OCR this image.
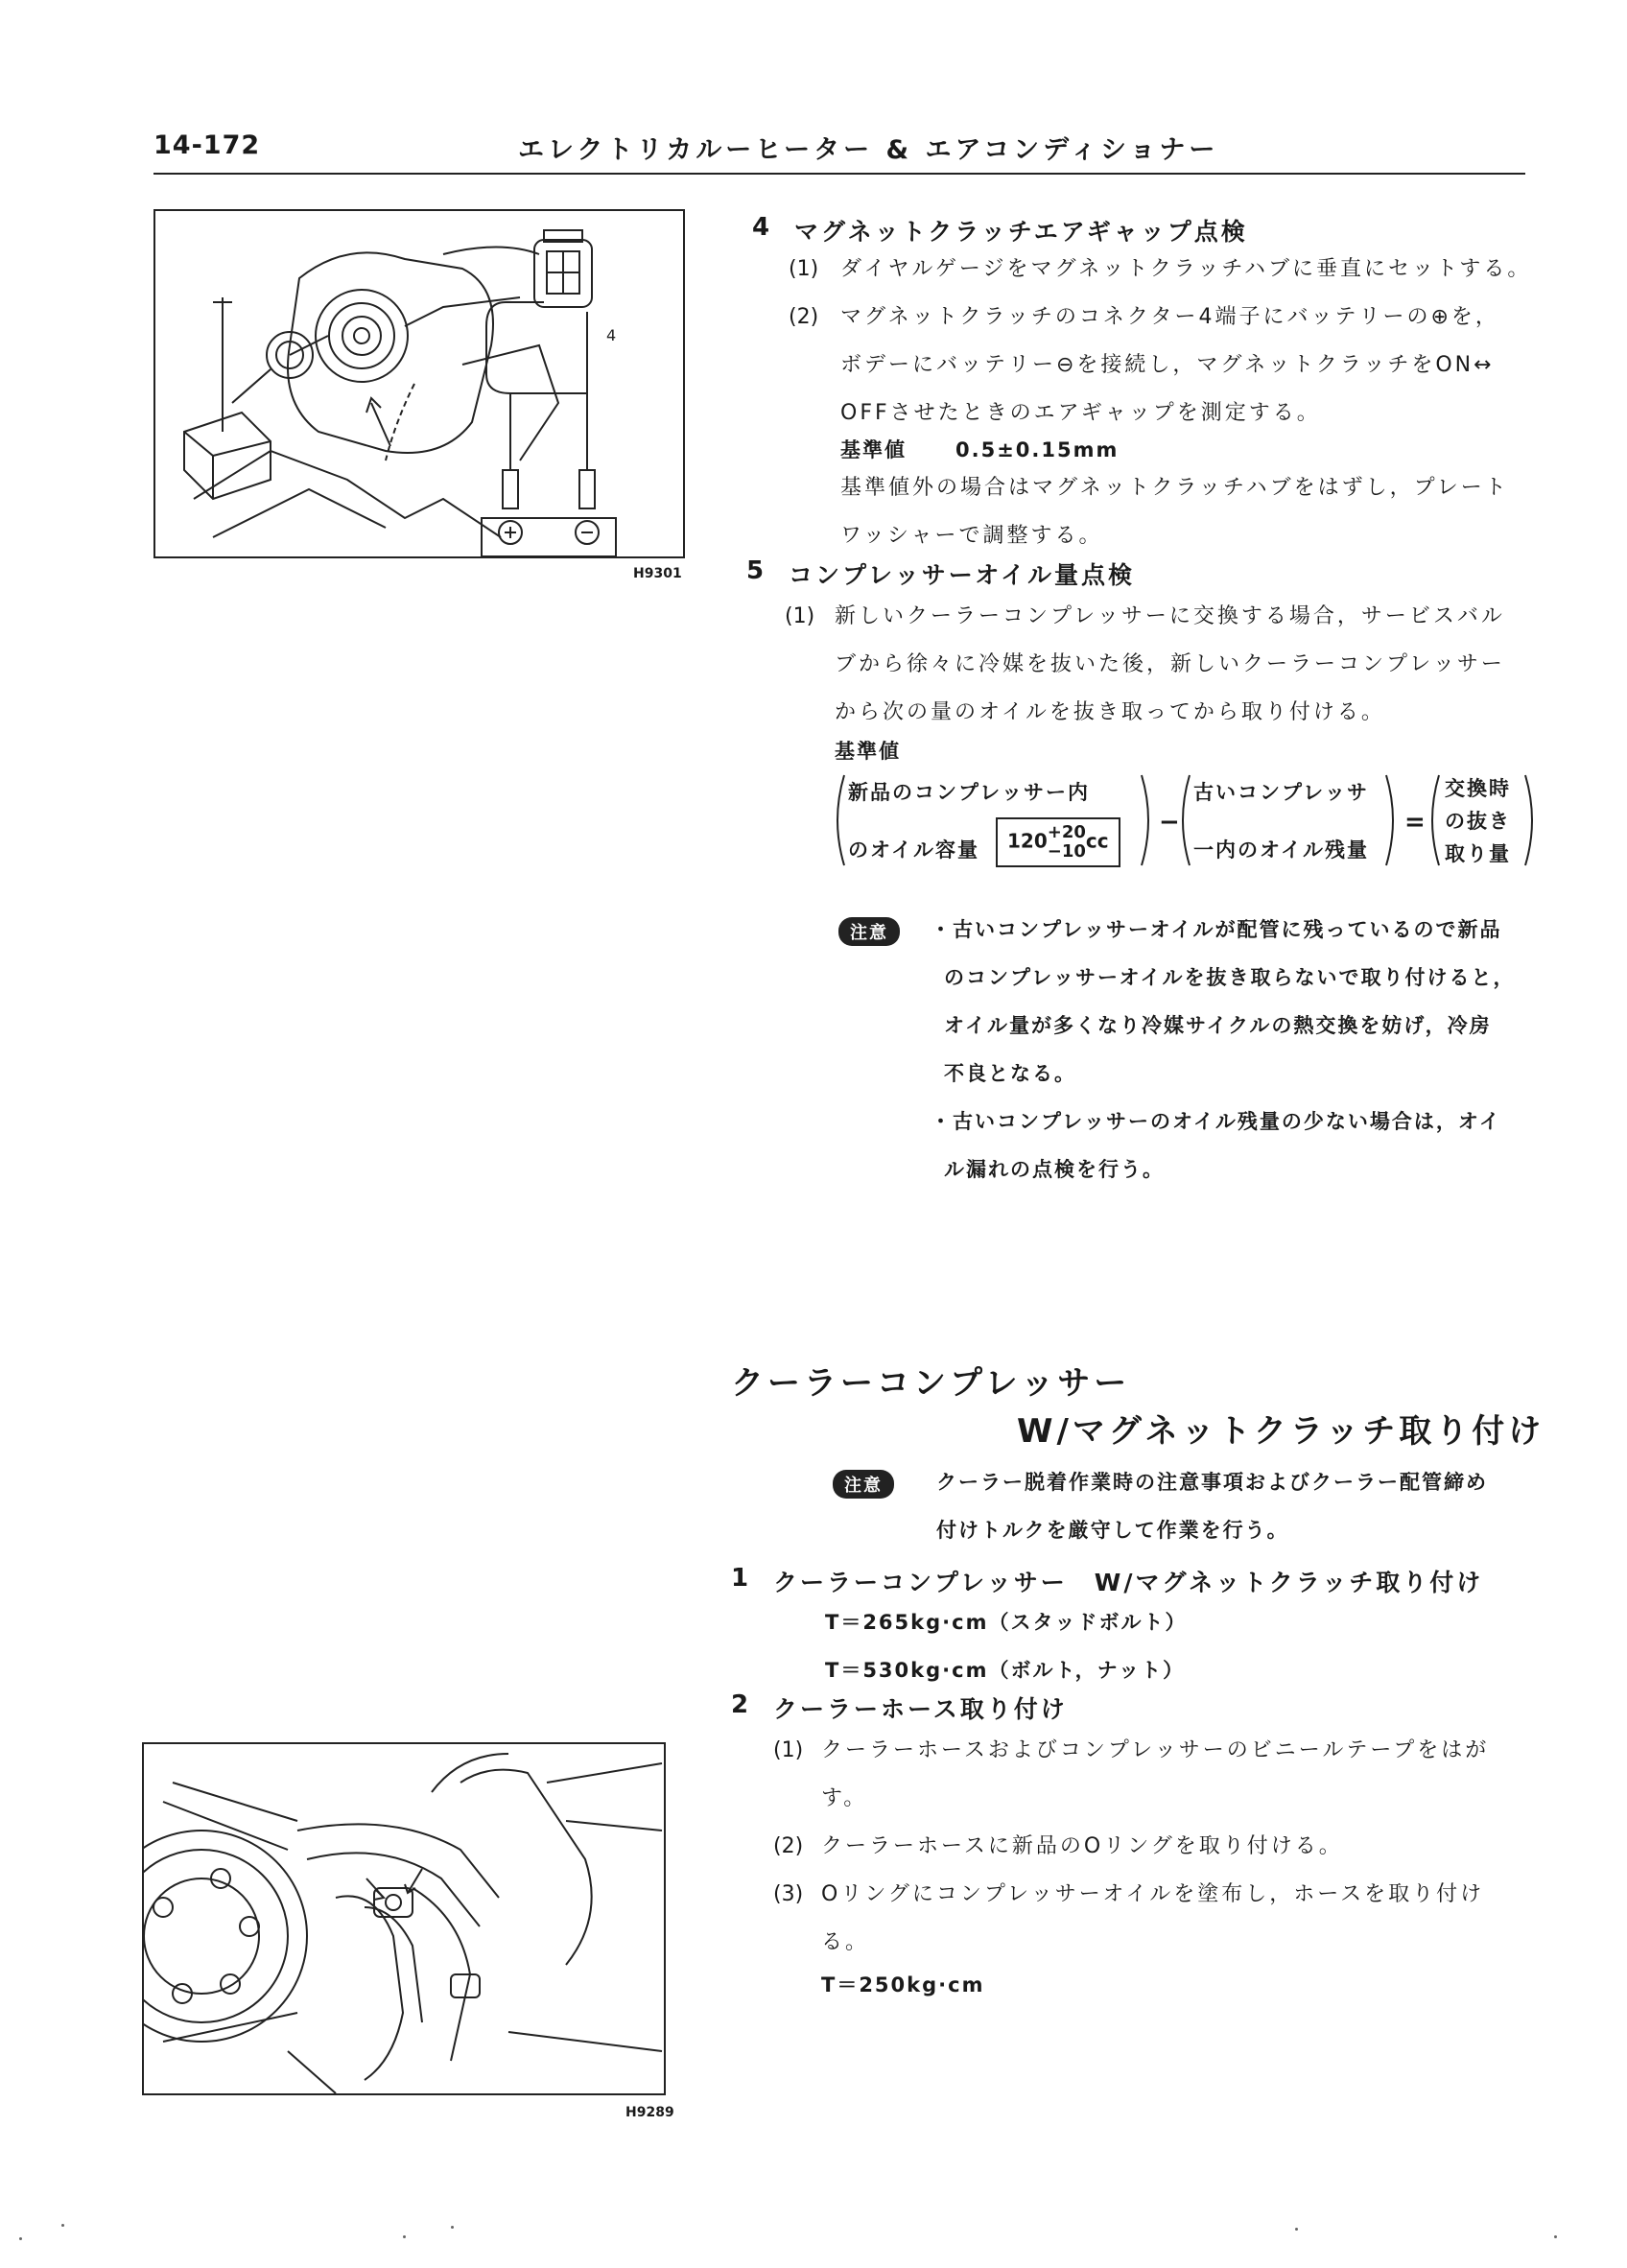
14-172	エレクトリカルーヒーター & エアコンディショナー
4
H9301
4 マグネットクラッチエアギャップ点検
(1) ダイヤルゲージをマグネットクラッチハブに垂直にセットする。
(2) マグネットクラッチのコネクター4端子にバッテリーの⊕を，
ボデーにバッテリー⊖を接続し，マグネットクラッチをON↔
OFFさせたときのエアギャップを測定する。
基準値 0.5±0.15mm
基準値外の場合はマグネットクラッチハブをはずし，プレート
ワッシャーで調整する。
5 コンプレッサーオイル量点検
(1) 新しいクーラーコンプレッサーに交換する場合，サービスバル
ブから徐々に冷媒を抜いた後，新しいクーラーコンプレッサー
から次の量のオイルを抜き取ってから取り付ける。
基準値
新品のコンプレッサー内
のオイル容量	120 +20
−10 cc
−
古いコンプレッサ
一内のオイル残量
=
交換時
の抜き
取り量
注意	・古いコンプレッサーオイルが配管に残っているので新品
のコンプレッサーオイルを抜き取らないで取り付けると，
オイル量が多くなり冷媒サイクルの熱交換を妨げ，冷房
不良となる。
・古いコンプレッサーのオイル残量の少ない場合は，オイ
ル漏れの点検を行う。
クーラーコンプレッサー
W/マグネットクラッチ取り付け
注意	クーラー脱着作業時の注意事項およびクーラー配管締め
付けトルクを厳守して作業を行う。
1 クーラーコンプレッサー　W/マグネットクラッチ取り付け
T＝265kg·cm（スタッドボルト）
T＝530kg·cm（ボルト，ナット）
2 クーラーホース取り付け
(1) クーラーホースおよびコンプレッサーのビニールテープをはが
す。
(2) クーラーホースに新品のOリングを取り付ける。
(3) Oリングにコンプレッサーオイルを塗布し，ホースを取り付け
る。
T＝250kg·cm
H9289
